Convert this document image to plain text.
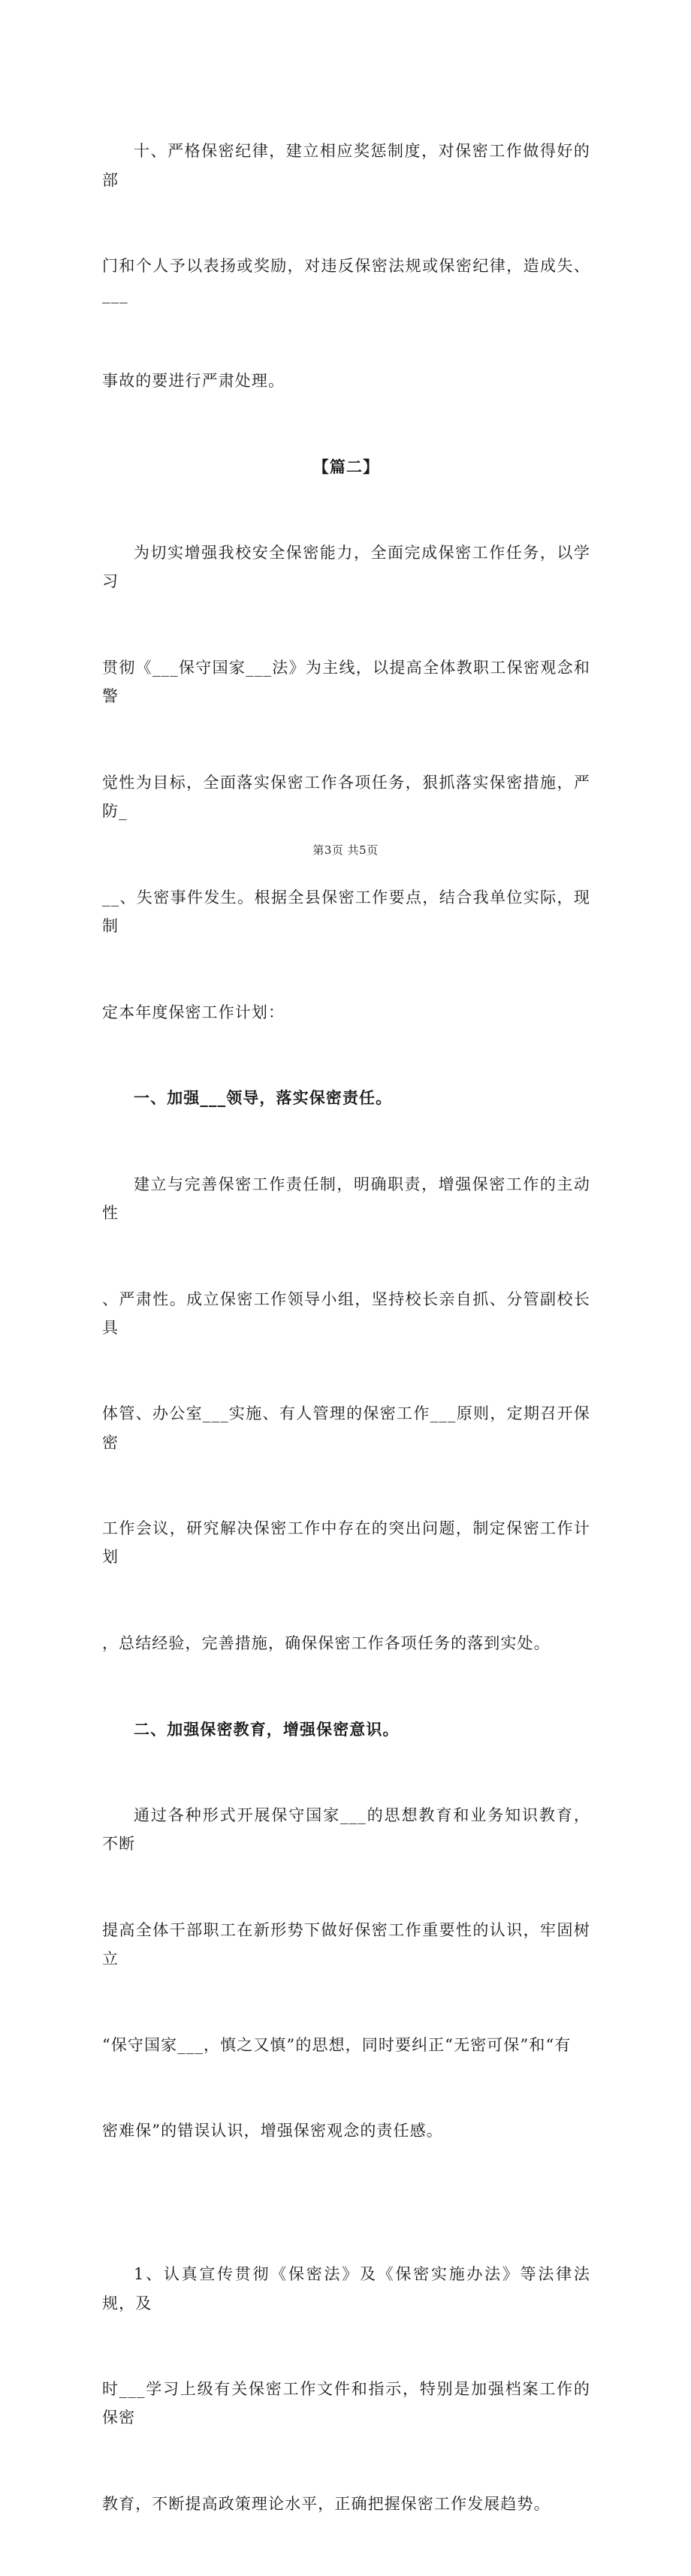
十、严格保密纪律，建立相应奖惩制度，对保密工作做得好的部

门和个人予以表扬或奖励，对违反保密法规或保密纪律，造成失、___

事故的要进行严肃处理。

【篇二】

为切实增强我校安全保密能力，全面完成保密工作任务，以学习

贯彻《___保守国家___法》为主线，以提高全体教职工保密观念和警

觉性为目标，全面落实保密工作各项任务，狠抓落实保密措施，严防_

__、失密事件发生。根据全县保密工作要点，结合我单位实际，现制

定本年度保密工作计划：

一、加强___领导，落实保密责任。

建立与完善保密工作责任制，明确职责，增强保密工作的主动性

、严肃性。成立保密工作领导小组，坚持校长亲自抓、分管副校长具

体管、办公室___实施、有人管理的保密工作___原则，定期召开保密

工作会议，研究解决保密工作中存在的突出问题，制定保密工作计划

，总结经验，完善措施，确保保密工作各项任务的落到实处。

二、加强保密教育，增强保密意识。

通过各种形式开展保守国家___的思想教育和业务知识教育，不断

提高全体干部职工在新形势下做好保密工作重要性的认识，牢固树立

“保守国家___，慎之又慎”的思想，同时要纠正“无密可保”和“有

密难保”的错误认识，增强保密观念的责任感。

1、认真宣传贯彻《保密法》及《保密实施办法》等法律法规，及

时___学习上级有关保密工作文件和指示，特别是加强档案工作的保密

教育，不断提高政策理论水平，正确把握保密工作发展趋势。

第3页 共5页
